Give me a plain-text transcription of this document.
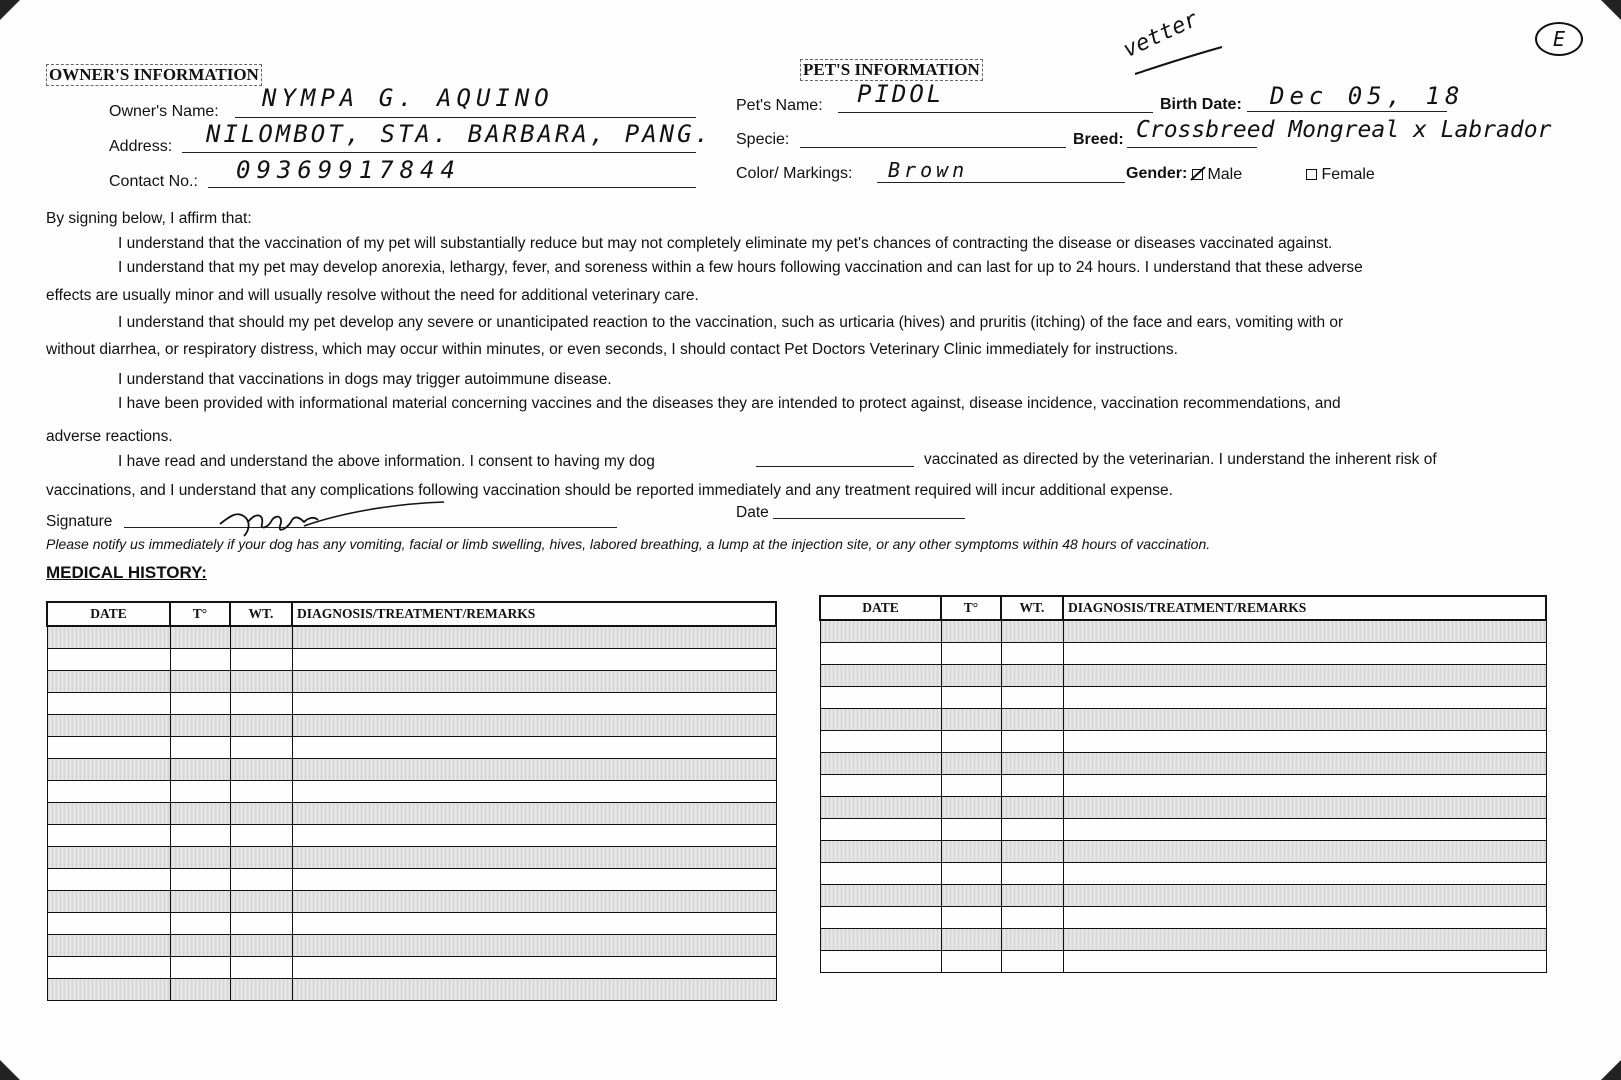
E
OWNER'S INFORMATION
Owner's Name: NYMPA G. AQUINO
Address: NILOMBOT, STA. BARBARA, PANG.
Contact No.: 09369917844
PET'S INFORMATION
vetter
Pet's Name: PIDOL	Birth Date: Dec 05, 18
Specie:	Breed: Crossbreed Mongreal x Labrador
Color/ Markings: Brown	Gender:	Male	Female
By signing below, I affirm that:
I understand that the vaccination of my pet will substantially reduce but may not completely eliminate my pet's chances of contracting the disease or diseases vaccinated against.
I understand that my pet may develop anorexia, lethargy, fever, and soreness within a few hours following vaccination and can last for up to 24 hours. I understand that these adverse
effects are usually minor and will usually resolve without the need for additional veterinary care.
I understand that should my pet develop any severe or unanticipated reaction to the vaccination, such as urticaria (hives) and pruritis (itching) of the face and ears, vomiting with or
without diarrhea, or respiratory distress, which may occur within minutes, or even seconds, I should contact Pet Doctors Veterinary Clinic immediately for instructions.
I understand that vaccinations in dogs may trigger autoimmune disease.
I have been provided with informational material concerning vaccines and the diseases they are intended to protect against, disease incidence, vaccination recommendations, and
adverse reactions.
I have read and understand the above information. I consent to having my dog	vaccinated as directed by the veterinarian. I understand the inherent risk of
vaccinations, and I understand that any complications following vaccination should be reported immediately and any treatment required will incur additional expense.
Signature
Date
Please notify us immediately if your dog has any vomiting, facial or limb swelling, hives, labored breathing, a lump at the injection site, or any other symptoms within 48 hours of vaccination.
MEDICAL HISTORY:
DATE	T°	WT.	DIAGNOSIS/TREATMENT/REMARKS

				DATE	T°	WT.	DIAGNOSIS/TREATMENT/REMARKS
